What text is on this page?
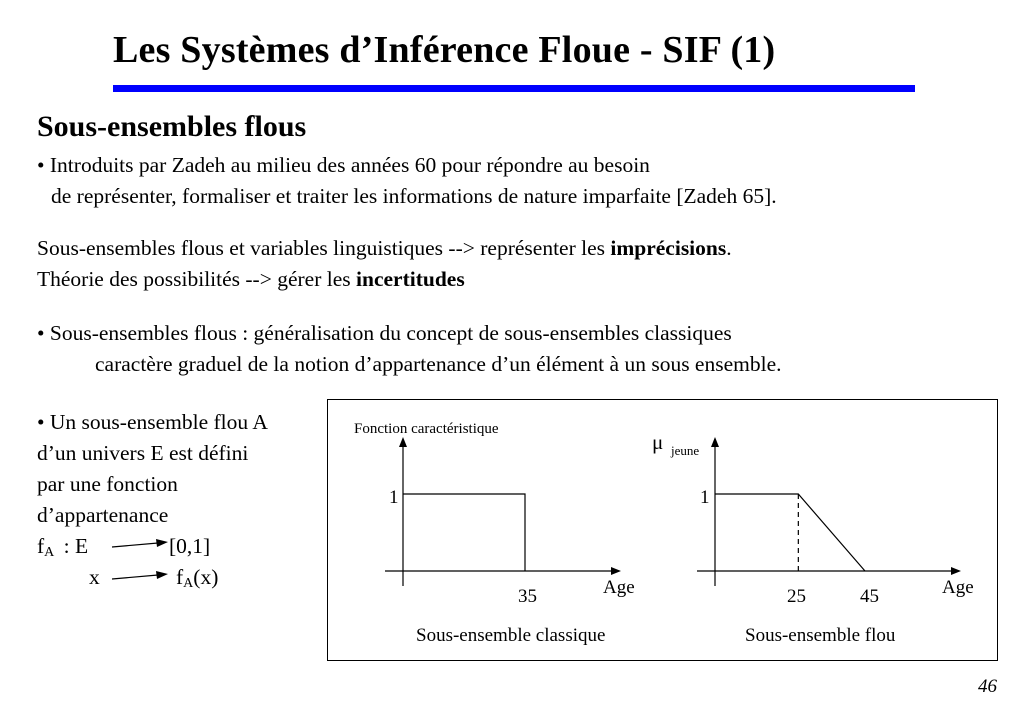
Les Systèmes d’Inférence Floue - SIF (1)
Sous-ensembles flous
• Introduits par Zadeh au milieu des années 60 pour répondre au besoin
de représenter, formaliser et traiter les informations de nature imparfaite [Zadeh 65].
Sous-ensembles flous et variables linguistiques --> représenter les imprécisions.
Théorie des possibilités --> gérer les incertitudes
• Sous-ensembles flous : généralisation du concept de sous-ensembles classiques
caractère graduel de la notion d’appartenance d’un élément à un sous ensemble.
• Un sous-ensemble flou A
d’un univers E est défini
par une fonction
d’appartenance
$f_A$ : E	[0,1]
x	$f_A(x)$
Fonction caractéristique
1
35	Age
Sous-ensemble classique
μ jeune
1
25	45	Age
Sous-ensemble flou
46
